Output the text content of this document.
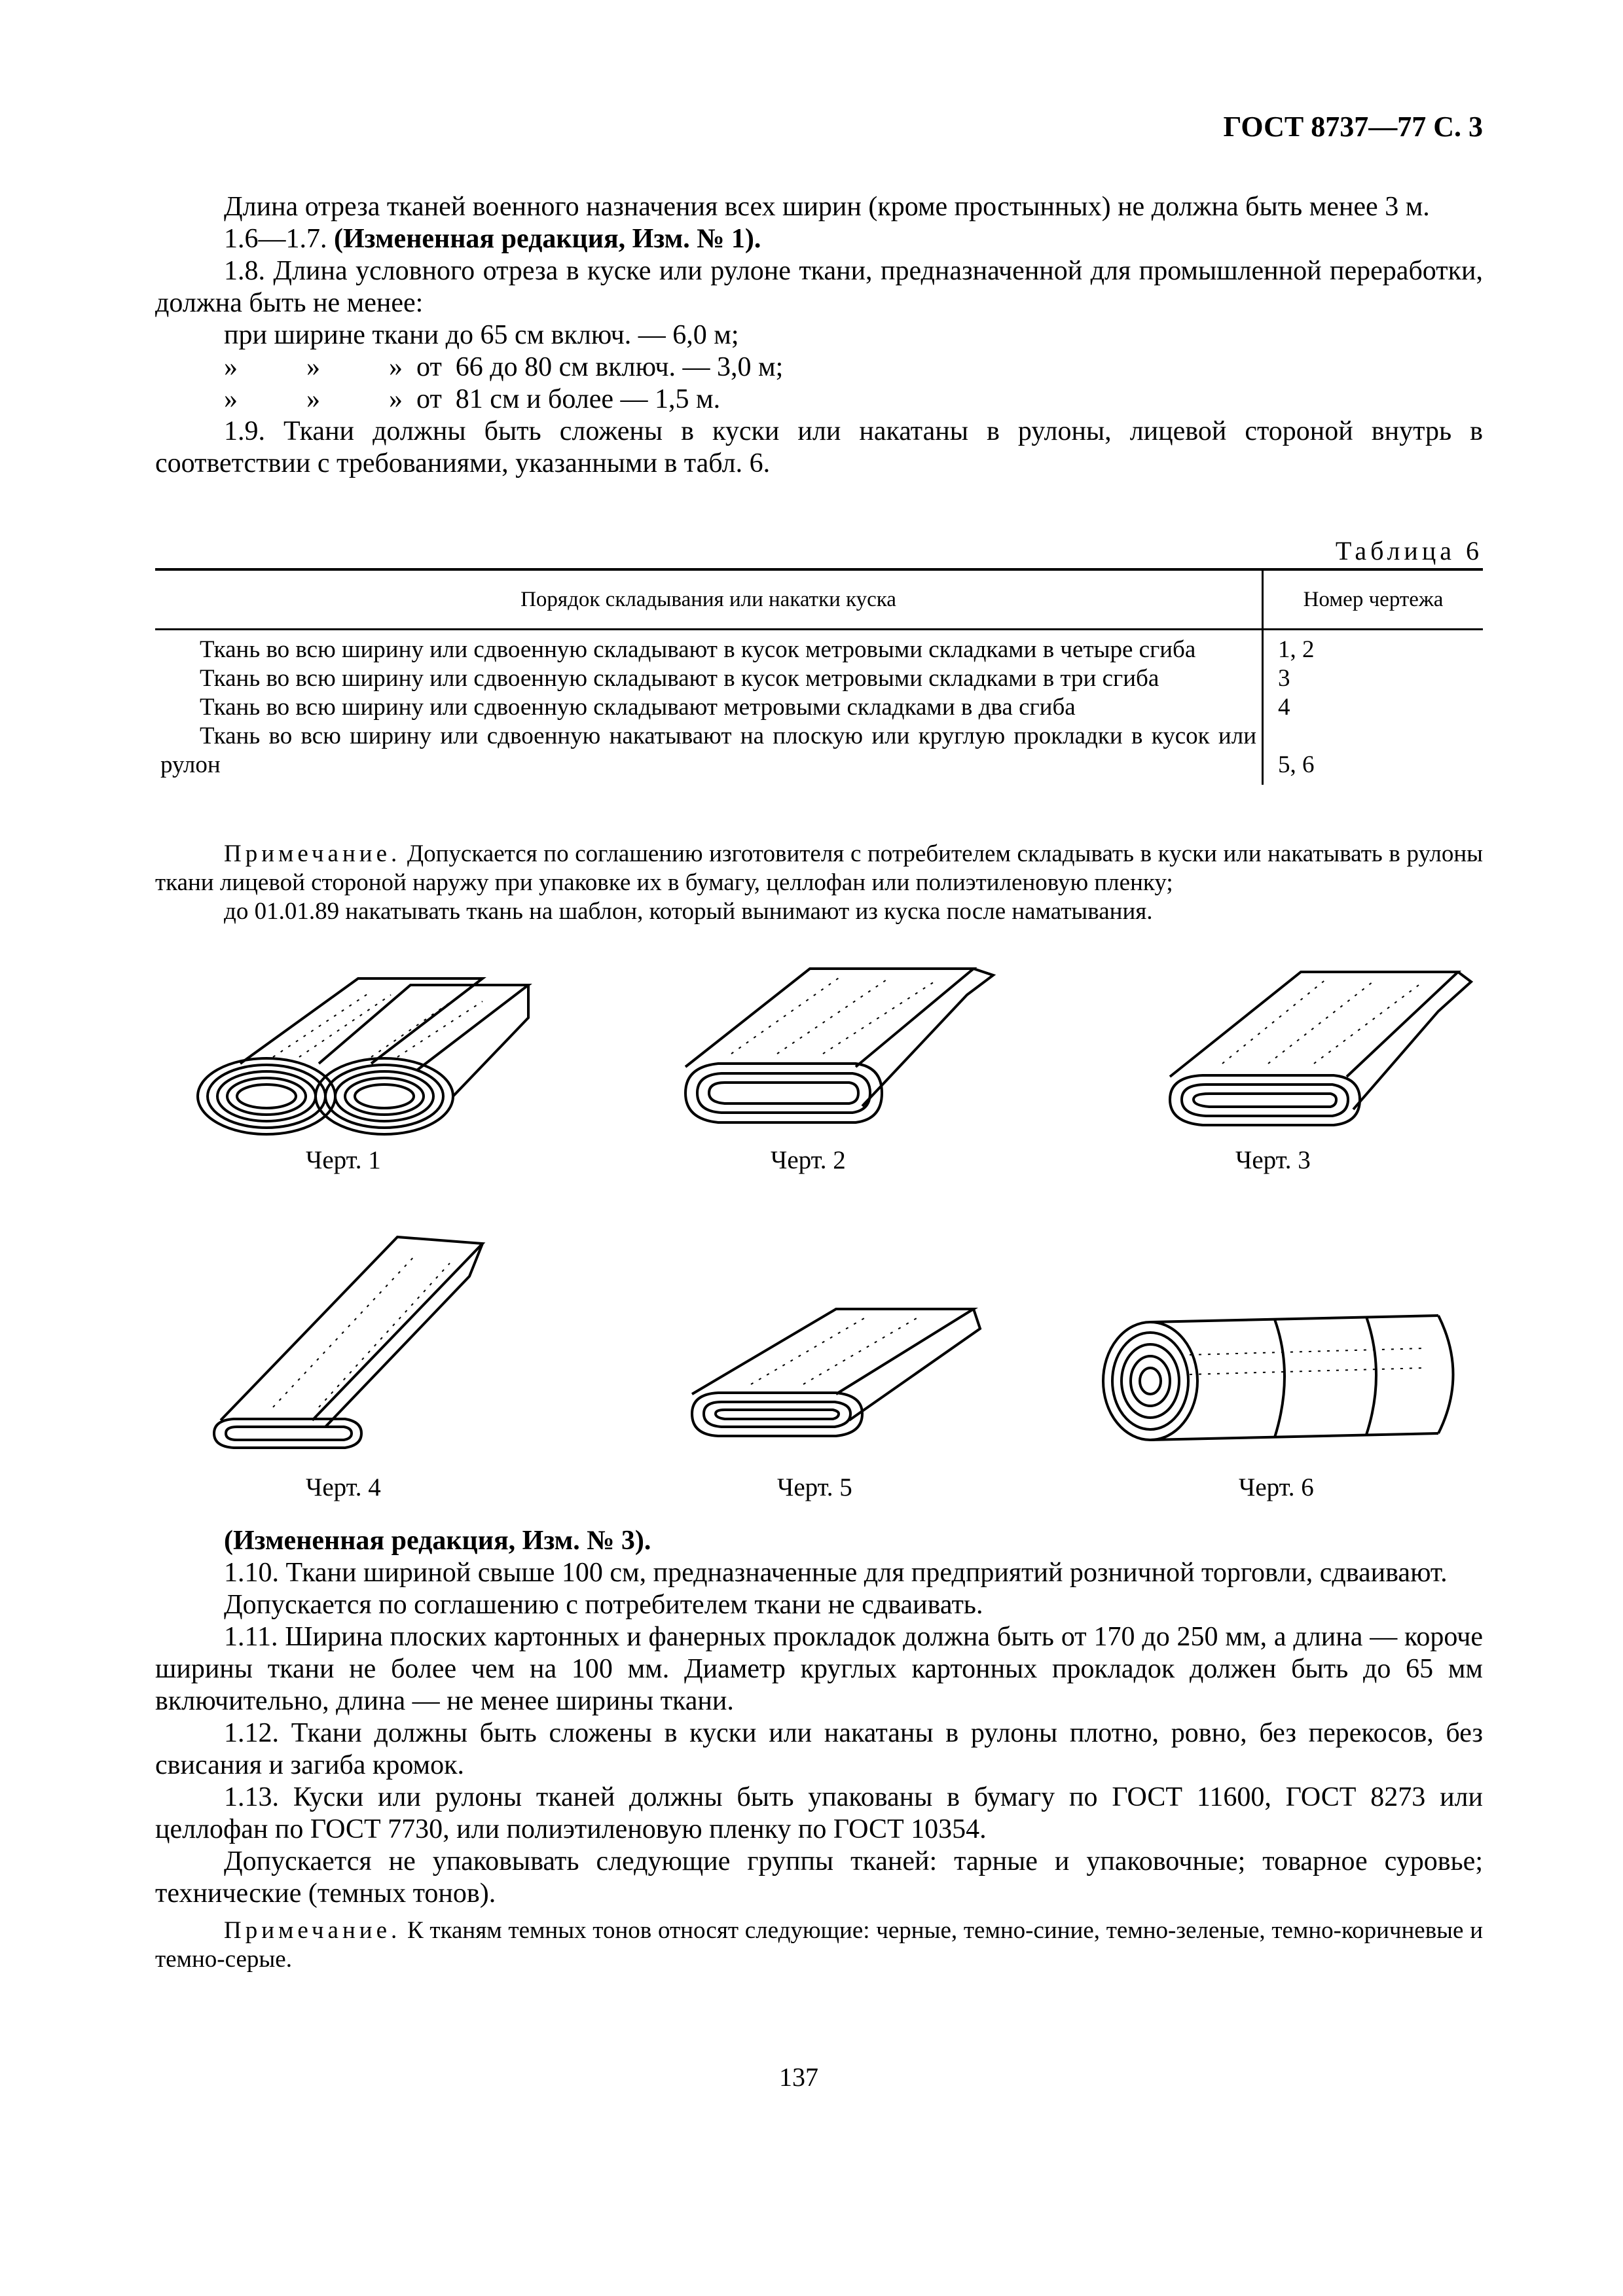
ГОСТ 8737—77 С. 3

Длина отреза тканей военного назначения всех ширин (кроме простынных) не должна быть менее 3 м.

1.6—1.7. (Измененная редакция, Изм. № 1).

1.8. Длина условного отреза в куске или рулоне ткани, предназначенной для промышленной переработки, должна быть не менее:

при ширине ткани до 65 см включ. — 6,0 м;

»          »          »  от  66 до 80 см включ. — 3,0 м;

»          »          »  от  81 см и более — 1,5 м.

1.9. Ткани должны быть сложены в куски или накатаны в рулоны, лицевой стороной внутрь в соответствии с требованиями, указанными в табл. 6.

Таблица 6
Порядок складывания или накатки куска	Номер чертежа
Ткань во всю ширину или сдвоенную складывают в кусок метровыми складками в четыре сгиба	1, 2
Ткань во всю ширину или сдвоенную складывают в кусок метровыми складками в три сгиба	3
Ткань во всю ширину или сдвоенную складывают метровыми складками в два сгиба	4
Ткань во всю ширину или сдвоенную накатывают на плоскую или круглую прокладки в кусок или рулон	5, 6

Примечание. Допускается по соглашению изготовителя с потребителем складывать в куски или накатывать в рулоны ткани лицевой стороной наружу при упаковке их в бумагу, целлофан или полиэтиленовую пленку;

до 01.01.89 накатывать ткань на шаблон, который вынимают из куска после наматывания.

Черт. 1	Черт. 2	Черт. 3
Черт. 4	Черт. 5	Черт. 6

(Измененная редакция, Изм. № 3).

1.10. Ткани шириной свыше 100 см, предназначенные для предприятий розничной торговли, сдваивают.

Допускается по соглашению с потребителем ткани не сдваивать.

1.11. Ширина плоских картонных и фанерных прокладок должна быть от 170 до 250 мм, а длина — короче ширины ткани не более чем на 100 мм. Диаметр круглых картонных прокладок должен быть до 65 мм включительно, длина — не менее ширины ткани.

1.12. Ткани должны быть сложены в куски или накатаны в рулоны плотно, ровно, без перекосов, без свисания и загиба кромок.

1.13. Куски или рулоны тканей должны быть упакованы в бумагу по ГОСТ 11600, ГОСТ 8273 или целлофан по ГОСТ 7730, или полиэтиленовую пленку по ГОСТ 10354.

Допускается не упаковывать следующие группы тканей: тарные и упаковочные; товарное суровье; технические (темных тонов).

Примечание. К тканям темных тонов относят следующие: черные, темно-синие, темно-зеленые, темно-коричневые и темно-серые.

137
